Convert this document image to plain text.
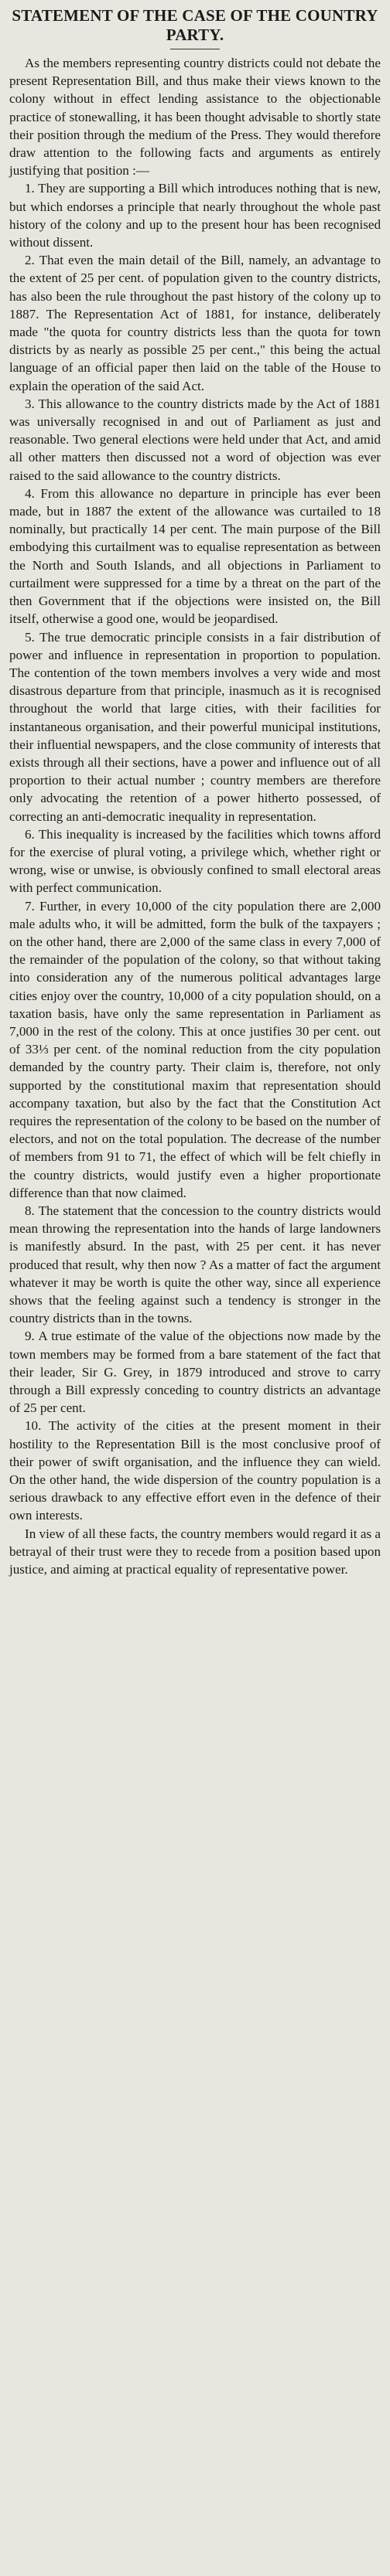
STATEMENT OF THE CASE OF THE COUNTRY PARTY.

As the members representing country districts could not debate the present Representation Bill, and thus make their views known to the colony without in effect lending assistance to the objectionable practice of stonewalling, it has been thought advisable to shortly state their position through the medium of the Press. They would therefore draw attention to the following facts and arguments as entirely justifying that position :—

1. They are supporting a Bill which introduces nothing that is new, but which endorses a principle that nearly throughout the whole past history of the colony and up to the present hour has been recognised without dissent.

2. That even the main detail of the Bill, namely, an advantage to the extent of 25 per cent. of population given to the country districts, has also been the rule throughout the past history of the colony up to 1887. The Representation Act of 1881, for instance, deliberately made "the quota for country districts less than the quota for town districts by as nearly as possible 25 per cent.," this being the actual language of an official paper then laid on the table of the House to explain the operation of the said Act.

3. This allowance to the country districts made by the Act of 1881 was universally recognised in and out of Parliament as just and reasonable. Two general elections were held under that Act, and amid all other matters then discussed not a word of objection was ever raised to the said allowance to the country districts.

4. From this allowance no departure in principle has ever been made, but in 1887 the extent of the allowance was curtailed to 18 nominally, but practically 14 per cent. The main purpose of the Bill embodying this curtailment was to equalise representation as between the North and South Islands, and all objections in Parliament to curtailment were suppressed for a time by a threat on the part of the then Government that if the objections were insisted on, the Bill itself, otherwise a good one, would be jeopardised.

5. The true democratic principle consists in a fair distribution of power and influence in representation in proportion to population. The contention of the town members involves a very wide and most disastrous departure from that principle, inasmuch as it is recognised throughout the world that large cities, with their facilities for instantaneous organisation, and their powerful municipal institutions, their influential newspapers, and the close community of interests that exists through all their sections, have a power and influence out of all proportion to their actual number ; country members are therefore only advocating the retention of a power hitherto possessed, of correcting an anti-democratic inequality in representation.

6. This inequality is increased by the facilities which towns afford for the exercise of plural voting, a privilege which, whether right or wrong, wise or unwise, is obviously confined to small electoral areas with perfect communication.

7. Further, in every 10,000 of the city population there are 2,000 male adults who, it will be admitted, form the bulk of the taxpayers ; on the other hand, there are 2,000 of the same class in every 7,000 of the remainder of the population of the colony, so that without taking into consideration any of the numerous political advantages large cities enjoy over the country, 10,000 of a city population should, on a taxation basis, have only the same representation in Parliament as 7,000 in the rest of the colony. This at once justifies 30 per cent. out of 33⅓ per cent. of the nominal reduction from the city population demanded by the country party. Their claim is, therefore, not only supported by the constitutional maxim that representation should accompany taxation, but also by the fact that the Constitution Act requires the representation of the colony to be based on the number of electors, and not on the total population. The decrease of the number of members from 91 to 71, the effect of which will be felt chiefly in the country districts, would justify even a higher proportionate difference than that now claimed.

8. The statement that the concession to the country districts would mean throwing the representation into the hands of large landowners is manifestly absurd. In the past, with 25 per cent. it has never produced that result, why then now ? As a matter of fact the argument whatever it may be worth is quite the other way, since all experience shows that the feeling against such a tendency is stronger in the country districts than in the towns.

9. A true estimate of the value of the objections now made by the town members may be formed from a bare statement of the fact that their leader, Sir G. Grey, in 1879 introduced and strove to carry through a Bill expressly conceding to country districts an advantage of 25 per cent.

10. The activity of the cities at the present moment in their hostility to the Representation Bill is the most conclusive proof of their power of swift organisation, and the influence they can wield. On the other hand, the wide dispersion of the country population is a serious drawback to any effective effort even in the defence of their own interests.

In view of all these facts, the country members would regard it as a betrayal of their trust were they to recede from a position based upon justice, and aiming at practical equality of representative power.
